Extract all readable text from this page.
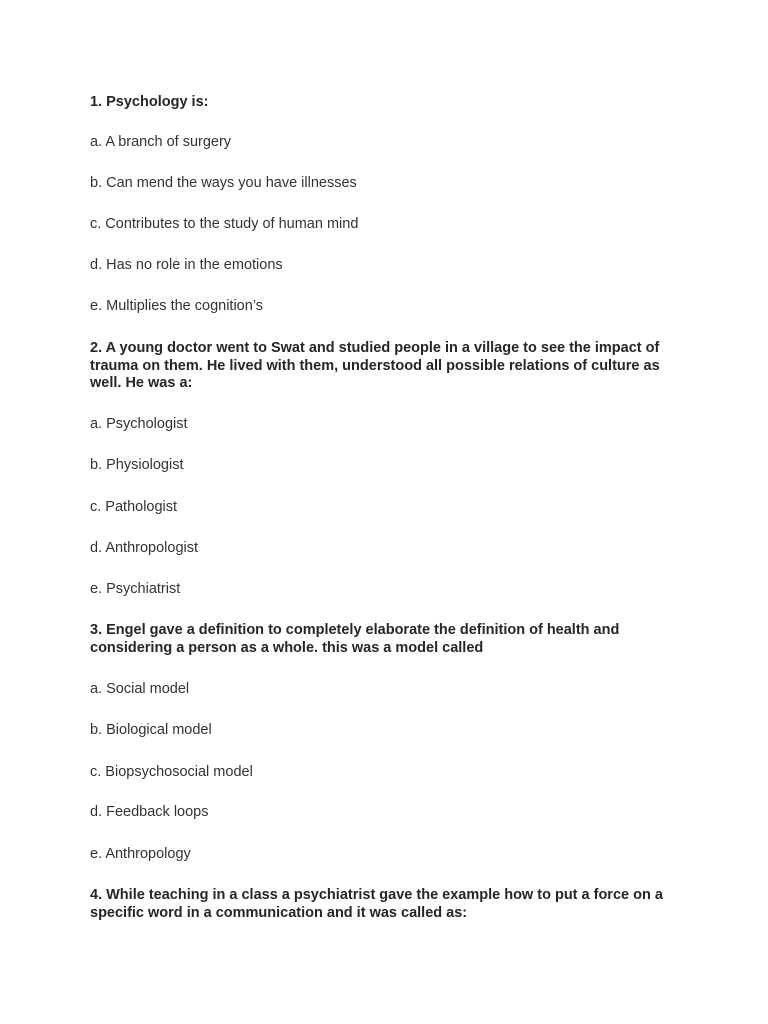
1. Psychology is:
a. A branch of surgery
b. Can mend the ways you have illnesses
c. Contributes to the study of human mind
d. Has no role in the emotions
e. Multiplies the cognition’s
2. A young doctor went to Swat and studied people in a village to see the impact of trauma on them. He lived with them, understood all possible relations of culture as well. He was a:
a. Psychologist
b. Physiologist
c. Pathologist
d. Anthropologist
e. Psychiatrist
3. Engel gave a definition to completely elaborate the definition of health and considering a person as a whole. this was a model called
a. Social model
b. Biological model
c. Biopsychosocial model
d. Feedback loops
e. Anthropology
4. While teaching in a class a psychiatrist gave the example how to put a force on a specific word in a communication and it was called as:
